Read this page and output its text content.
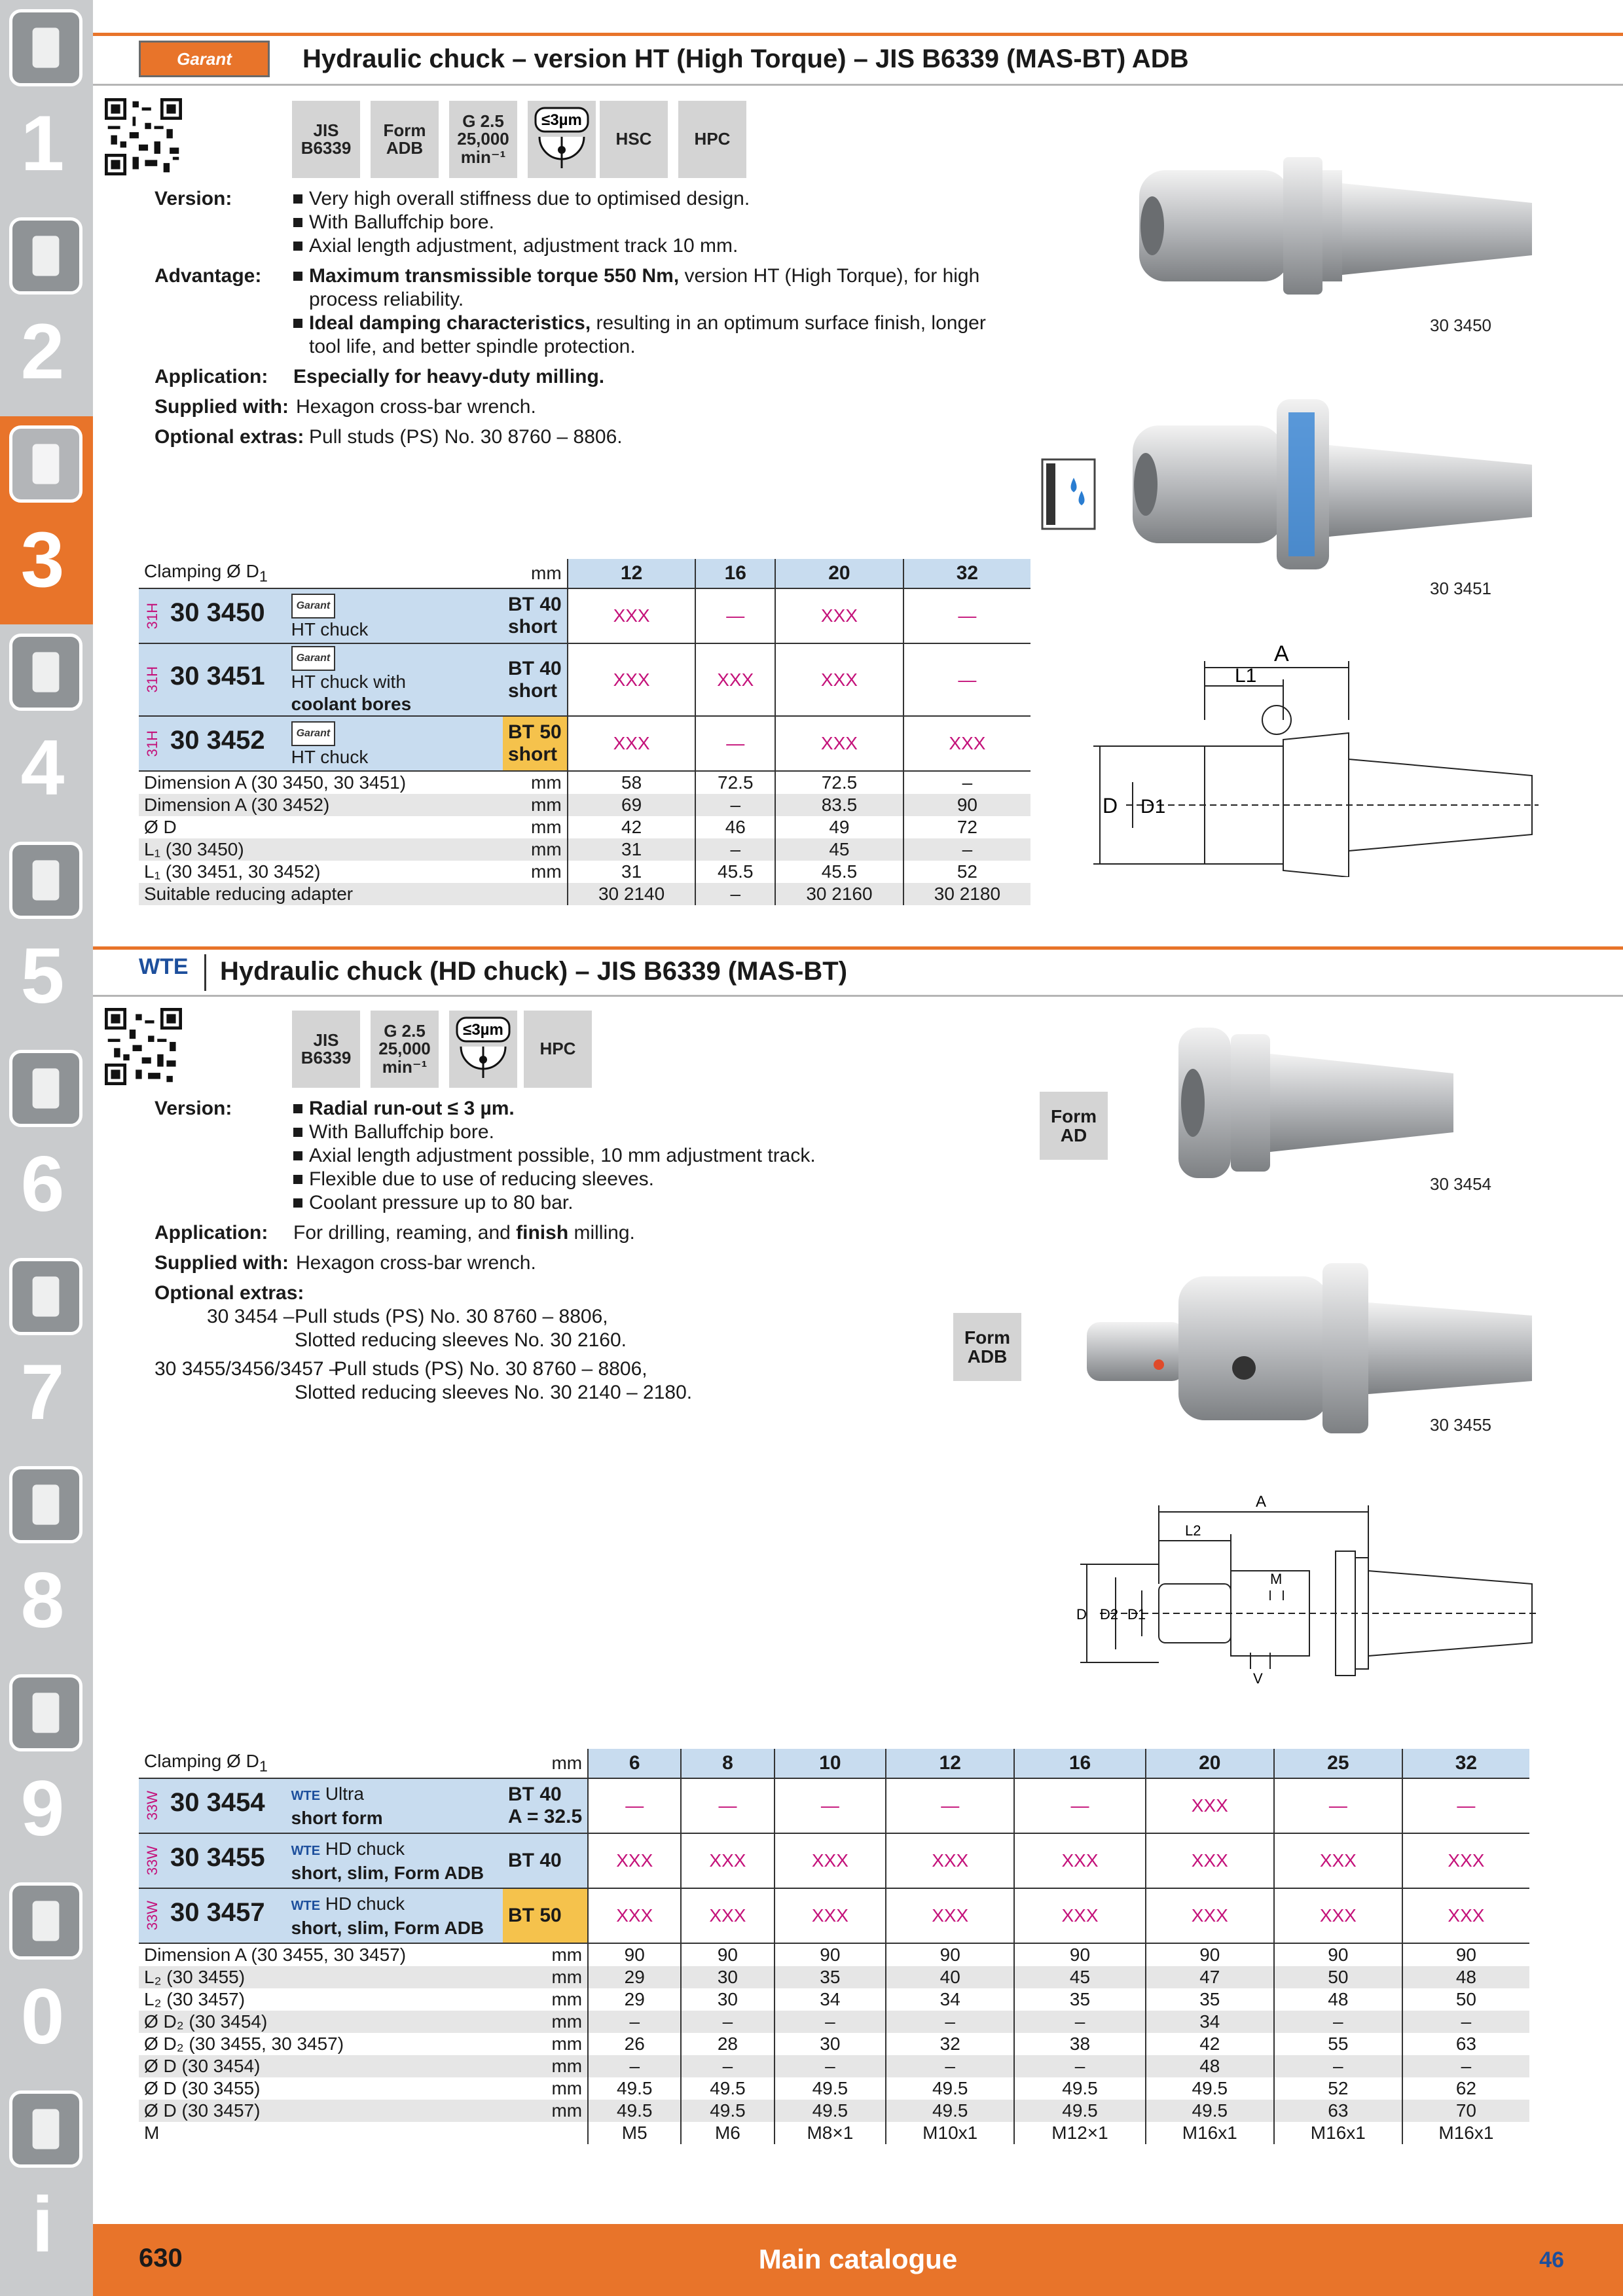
1
2
3
4
5
6
7
8
9
0
i
Garant	Hydraulic chuck – version HT (High Torque) – JIS B6339 (MAS-BT) ADB
JIS
B6339
Form
ADB
G 2.5
25,000
min⁻¹
≤3µm
HSC	HPC
Version:	Very high overall stiffness due to optimised design.
With Balluffchip bore.
Axial length adjustment, adjustment track 10 mm.
Advantage:	Maximum transmissible torque 550 Nm, version HT (High Torque), for high
process reliability.
Ideal damping characteristics, resulting in an optimum surface finish, longer
tool life, and better spindle protection.
Application: Especially for heavy-duty milling.
Supplied with: Hexagon cross-bar wrench.
Optional extras: Pull studs (PS) No. 30 8760 – 8806.
30 3450
30 3451
A
L1
D D1
Clamping Ø $D_1$	mm	12	16	20	32
31H 30 3450 Garant
HT chuck	BT 40
short	XXX	—	XXX	—
31H 30 3451Garant
HT chuck with
coolant bores	BT 40
short	XXX	XXX	XXX	—
31H 30 3452 Garant
HT chuck	BT 50
short	XXX	—	XXX	XXX
Dimension A (30 3450, 30 3451)	mm	58	72.5	72.5	–
Dimension A (30 3452)	mm	69	–	83.5	90
Ø D	mm	42	46	49	72
L₁ (30 3450)	mm	31	–	45	–
L₁ (30 3451, 30 3452)	mm	31	45.5	45.5	52
Suitable reducing adapter		30 2140	–	30 2160	30 2180
WTE Hydraulic chuck (HD chuck) – JIS B6339 (MAS-BT)
JIS
B6339
G 2.5
25,000
min⁻¹
≤3µm
HPC
Version:	Radial run-out ≤ 3 µm.
With Balluffchip bore.
Axial length adjustment possible, 10 mm adjustment track.
Flexible due to use of reducing sleeves.
Coolant pressure up to 80 bar.
Application: For drilling, reaming, and finish milling.
Supplied with: Hexagon cross-bar wrench.
Optional extras:
30 3454 – Pull studs (PS) No. 30 8760 – 8806,
Slotted reducing sleeves No. 30 2160.
30 3455/3456/3457 –
Pull studs (PS) No. 30 8760 – 8806,
Slotted reducing sleeves No. 30 2140 – 2180.
Form
AD
30 3454
Form
ADB
30 3455
A
L2
M
D D2 D1
V
Clamping Ø $D_1$	mm	6	8	10	12	16	20	25	32
33W 30 3454 WTE Ultra
short form	BT 40
A = 32.5	—	—	—	—	—	XXX	—	—
33W 30 3455 WTE HD chuck
short, slim, Form ADB	BT 40	XXX	XXX	XXX	XXX	XXX	XXX	XXX	XXX
33W 30 3457 WTE HD chuck
short, slim, Form ADB	BT 50	XXX	XXX	XXX	XXX	XXX	XXX	XXX	XXX
Dimension A (30 3455, 30 3457)	mm	90	90	90	90	90	90	90	90
L₂ (30 3455)	mm	29	30	35	40	45	47	50	48
L₂ (30 3457)	mm	29	30	34	34	35	35	48	50
Ø D₂ (30 3454)	mm	–	–	–	–	–	34	–	–
Ø D₂ (30 3455, 30 3457)	mm	26	28	30	32	38	42	55	63
Ø D (30 3454)	mm	–	–	–	–	–	48	–	–
Ø D (30 3455)	mm	49.5	49.5	49.5	49.5	49.5	49.5	52	62
Ø D (30 3457)	mm	49.5	49.5	49.5	49.5	49.5	49.5	63	70
M		M5	M6	M8×1	M10x1	M12×1	M16x1	M16x1	M16x1
630	Main catalogue	46
